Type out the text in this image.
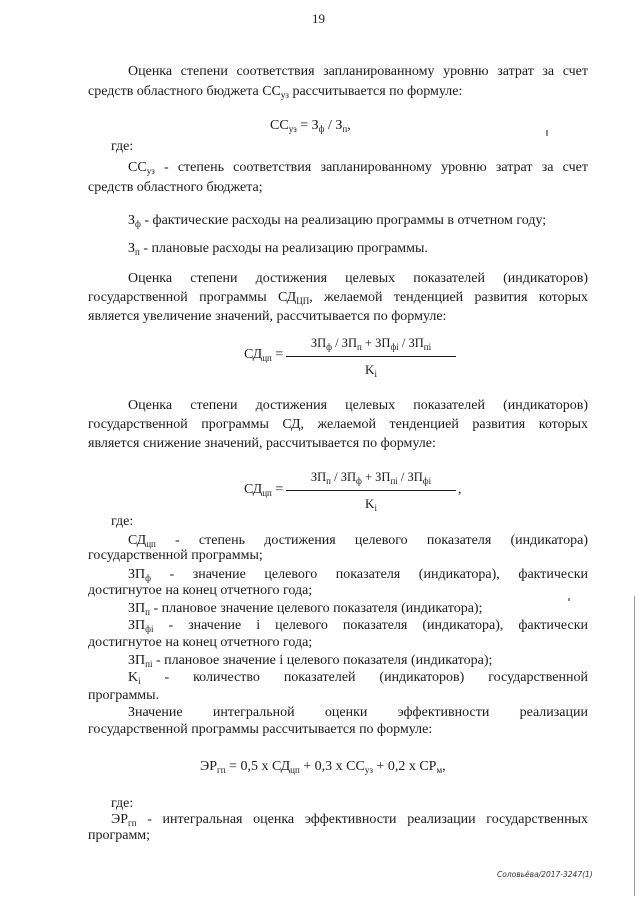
19
Оценка степени соответствия запланированному уровню затрат за счет
средств областного бюджета $СС_{уз}$ рассчитывается по формуле:
$СС_{уз} = З_ф / З_п$,
где:
$СС_{уз}$ - степень соответствия запланированному уровню затрат за счет
средств областного бюджета;
$З_ф$ - фактические расходы на реализацию программы в отчетном году;
$З_п$ - плановые расходы на реализацию программы.
Оценка степени достижения целевых показателей (индикаторов)
государственной программы $СД_{ЦП}$, желаемой тенденцией развития которых
является увеличение значений, рассчитывается по формуле:
$СД_{цп}$ =
$ЗП_ф / ЗП_п + ЗП_{фi} / ЗП_{пi}$
$K_i$
Оценка степени достижения целевых показателей (индикаторов)
государственной программы СД, желаемой тенденцией развития которых
является снижение значений, рассчитывается по формуле:
$СД_{цп}$ =
$ЗП_п / ЗП_ф + ЗП_{пi} / ЗП_{фi}$
$K_i$
,
где:
$СД_{цп}$ - степень достижения целевого показателя (индикатора)
государственной программы;
$ЗП_ф$ - значение целевого показателя (индикатора), фактически
достигнутое на конец отчетного года;
$ЗП_п$ - плановое значение целевого показателя (индикатора);
$ЗП_{фi}$ - значение i целевого показателя (индикатора), фактически
достигнутое на конец отчетного года;
$ЗП_{пi}$ - плановое значение i целевого показателя (индикатора);
$K_i$ - количество показателей (индикаторов) государственной
программы.
Значение интегральной оценки эффективности реализации
государственной программы рассчитывается по формуле:
$ЭР_{гп} = 0,5$ х $СД_{цп} + 0,3$ х $СС_{уз} + 0,2$ х $СР_м$,
где:
$ЭР_{гп}$ - интегральная оценка эффективности реализации государственных
программ;
Соловьёва/2017-3247(1)
